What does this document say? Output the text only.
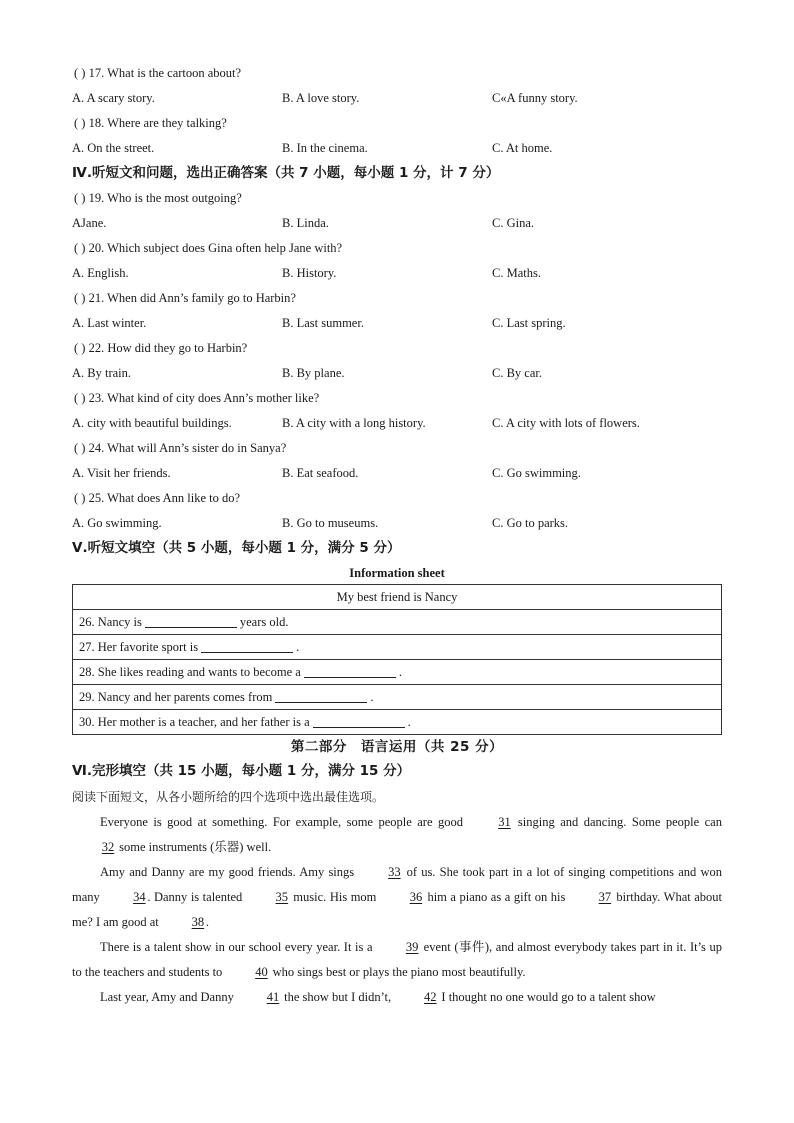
( ) 17. What is the cartoon about?
A. A scary story.	B. A love story.	C«A funny story.
( ) 18. Where are they talking?
A. On the street.	B. In the cinema.	C. At home.
Ⅳ.听短文和问题，选出正确答案（共 7 小题，每小题 1 分，计 7 分）
( ) 19. Who is the most outgoing?
AJane.	B. Linda.	C. Gina.
( ) 20. Which subject does Gina often help Jane with?
A. English.	B. History.	C. Maths.
( ) 21. When did Ann’s family go to Harbin?
A. Last winter.	B. Last summer.	C. Last spring.
( ) 22. How did they go to Harbin?
A. By train.	B. By plane.	C. By car.
( ) 23. What kind of city does Ann’s mother like?
A. city with beautiful buildings.	B. A city with a long history.	C. A city with lots of flowers.
( ) 24. What will Ann’s sister do in Sanya?
A. Visit her friends.	B. Eat seafood.	C. Go swimming.
( ) 25. What does Ann like to do?
A. Go swimming.	B. Go to museums.	C. Go to parks.
Ⅴ.听短文填空（共 5 小题，每小题 1 分，满分 5 分）
Information sheet
My best friend is Nancy
26. Nancy is	years old.
27. Her favorite sport is	.
28. She likes reading and wants to become a	.
29. Nancy and her parents comes from	.
30. Her mother is a teacher, and her father is a	.
第二部分　语言运用（共 25 分）
Ⅵ.完形填空（共 15 小题，每小题 1 分，满分 15 分）
阅读下面短文，从各小题所给的四个选项中选出最佳选项。
Everyone is good at something. For example, some people are good 31 singing and dancing. Some people can 32 some instruments (乐器) well.
Amy and Danny are my good friends. Amy sings 33 of us. She took part in a lot of singing competitions and won many 34 . Danny is talented 35 music. His mom 36 him a piano as a gift on his 37 birthday. What about me? I am good at 38 .
There is a talent show in our school every year. It is a 39 event (事件), and almost everybody takes part in it. It’s up to the teachers and students to 40 who sings best or plays the piano most beautifully.
Last year, Amy and Danny 41 the show but I didn’t, 42 I thought no one would go to a talent show
